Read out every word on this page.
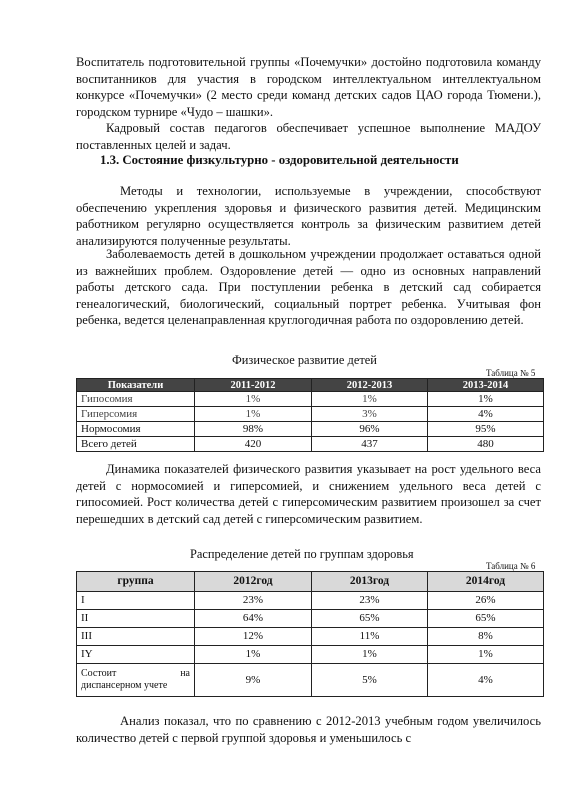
Воспитатель подготовительной группы «Почемучки» достойно подготовила команду воспитанников для участия в городском интеллектуальном интеллектуальном конкурсе «Почемучки» (2 место среди команд детских садов ЦАО города Тюмени.), городском турнире «Чудо – шашки».

Кадровый состав педагогов обеспечивает успешное выполнение МАДОУ поставленных целей и задач.

1.3. Состояние физкультурно - оздоровительной деятельности

Методы и технологии, используемые в учреждении, способствуют обеспечению укрепления здоровья и физического развития детей. Медицинским работником регулярно осуществляется контроль за физическим развитием детей анализируются полученные результаты.

Заболеваемость детей в дошкольном учреждении продолжает оставаться одной из важнейших проблем. Оздоровление детей — одно из основных направлений работы детского сада. При поступлении ребенка в детский сад собирается генеалогический, биологический, социальный портрет ребенка. Учитывая фон ребенка, ведется целенаправленная круглогодичная работа по оздоровлению детей.

Физическое развитие детей

Таблица № 5

Показатели	2011-2012	2012-2013	2013-2014
Гипосомия	1%	1%	1%
Гиперсомия	1%	3%	4%
Нормосомия	98%	96%	95%
Всего детей	420	437	480

Динамика показателей физического развития указывает на рост удельного веса детей с нормосомией и гиперсомией, и снижением удельного веса детей с гипосомией. Рост количества детей с гиперсомическим развитием произошел за счет перешедших в детский сад детей с гиперсомическим развитием.

Распределение детей по группам здоровья

Таблица № 6

группа	2012год	2013год	2014год
I	23%	23%	26%
II	64%	65%	65%
III	12%	11%	8%
IY	1%	1%	1%

Состоит на
диспансерном учете	9%	5%	4%

Анализ показал, что по сравнению с 2012-2013 учебным годом увеличилось количество детей с первой группой здоровья и уменьшилось с
